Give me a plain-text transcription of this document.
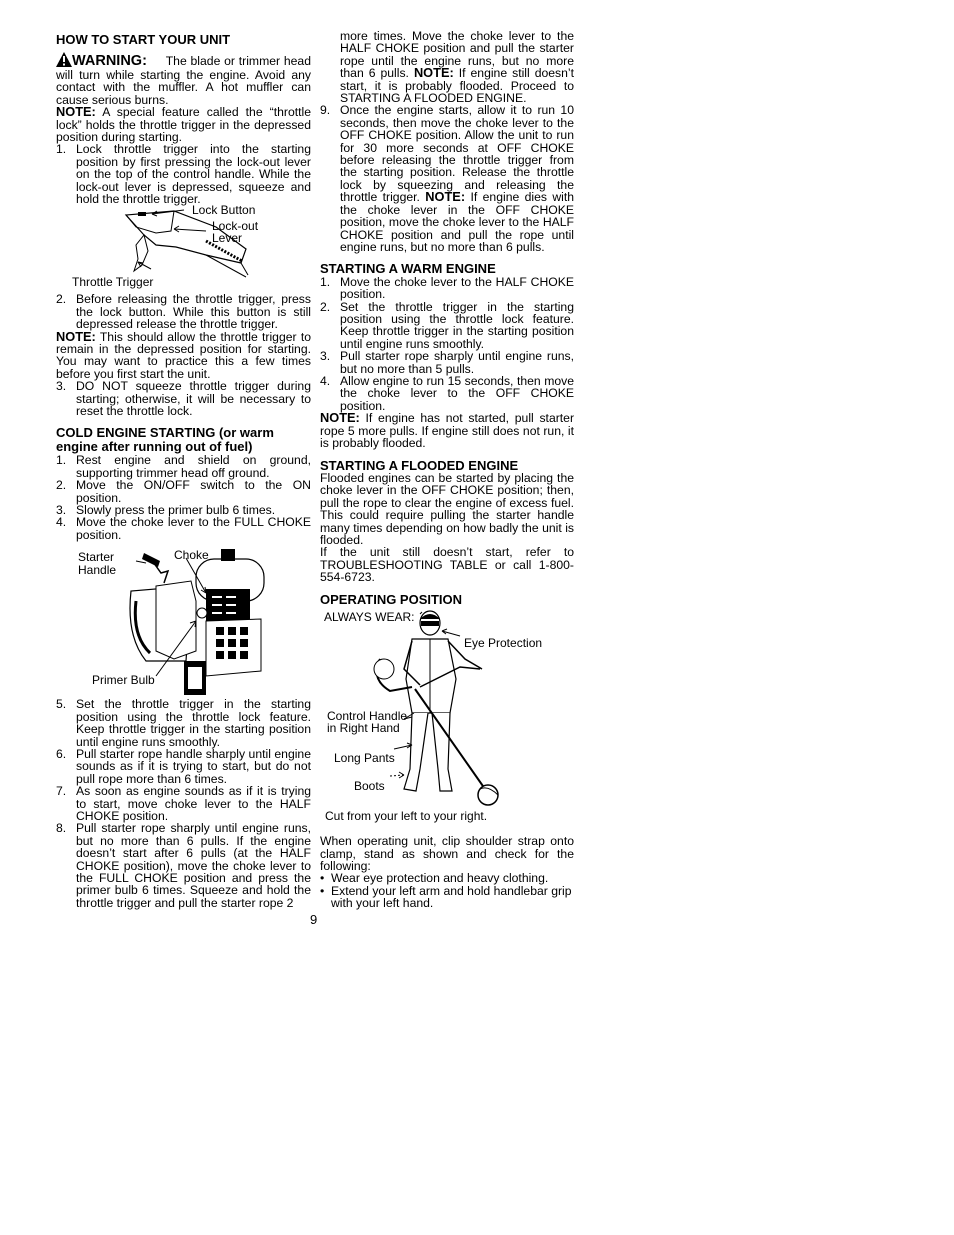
HOW TO START YOUR UNIT

WARNING: The blade or trimmer head will turn while starting the engine. Avoid any contact with the muffler. A hot muffler can cause serious burns.

NOTE: A special feature called the “throttle lock” holds the throttle trigger in the depressed position during starting.

1. Lock throttle trigger into the starting position by first pressing the lock-out lever on the top of the control handle. While the lock-out lever is depressed, squeeze and hold the throttle trigger.
Lock Button
Lock-out
Lever
Throttle Trigger
2. Before releasing the throttle trigger, press the lock button. While this button is still depressed release the throttle trigger.

NOTE: This should allow the throttle trigger to remain in the depressed position for starting. You may want to practice this a few times before you first start the unit.

3. DO NOT squeeze throttle trigger during starting; otherwise, it will be necessary to reset the throttle lock.
COLD ENGINE STARTING (or warm engine after running out of fuel)
1. Rest engine and shield on ground, supporting trimmer head off ground.
2. Move the ON/OFF switch to the ON position.
3. Slowly press the primer bulb 6 times.
4. Move the choke lever to the FULL CHOKE position.
Starter
Handle
Choke
Primer Bulb
5. Set the throttle trigger in the starting position using the throttle lock feature. Keep throttle trigger in the starting position until engine runs smoothly.
6. Pull starter rope handle sharply until engine sounds as if it is trying to start, but do not pull rope more than 6 times.
7. As soon as engine sounds as if it is trying to start, move choke lever to the HALF CHOKE position.
8. Pull starter rope sharply until engine runs, but no more than 6 pulls. If the engine doesn’t start after 6 pulls (at the HALF CHOKE position), move the choke lever to the FULL CHOKE position and press the primer bulb 6 times. Squeeze and hold the throttle trigger and pull the starter rope 2
more times. Move the choke lever to the HALF CHOKE position and pull the starter rope until the engine runs, but no more than 6 pulls. NOTE: If engine still doesn’t start, it is probably flooded. Proceed to STARTING A FLOODED ENGINE.
9. Once the engine starts, allow it to run 10 seconds, then move the choke lever to the OFF CHOKE position. Allow the unit to run for 30 more seconds at OFF CHOKE before releasing the throttle trigger from the starting position. Release the throttle lock by squeezing and releasing the throttle trigger. NOTE: If engine dies with the choke lever in the OFF CHOKE position, move the choke lever to the HALF CHOKE position and pull the rope until engine runs, but no more than 6 pulls.
STARTING A WARM ENGINE
1. Move the choke lever to the HALF CHOKE position.
2. Set the throttle trigger in the starting position using the throttle lock feature. Keep throttle trigger in the starting position until engine runs smoothly.
3. Pull starter rope sharply until engine runs, but no more than 5 pulls.
4. Allow engine to run 15 seconds, then move the choke lever to the OFF CHOKE position.

NOTE: If engine has not started, pull starter rope 5 more pulls. If engine still does not run, it is probably flooded.

STARTING A FLOODED ENGINE

Flooded engines can be started by placing the choke lever in the OFF CHOKE position; then, pull the rope to clear the engine of excess fuel. This could require pulling the starter handle many times depending on how badly the unit is flooded.

If the unit still doesn’t start, refer to TROUBLESHOOTING TABLE or call 1-800-554-6723.

OPERATING POSITION
ALWAYS WEAR:
Eye Protection
Control Handle
in Right Hand
Long Pants
Boots
Cut from your left to your right.

When operating unit, clip shoulder strap onto clamp, stand as shown and check for the following:

• Wear eye protection and heavy clothing.
• Extend your left arm and hold handlebar grip with your left hand.
9
